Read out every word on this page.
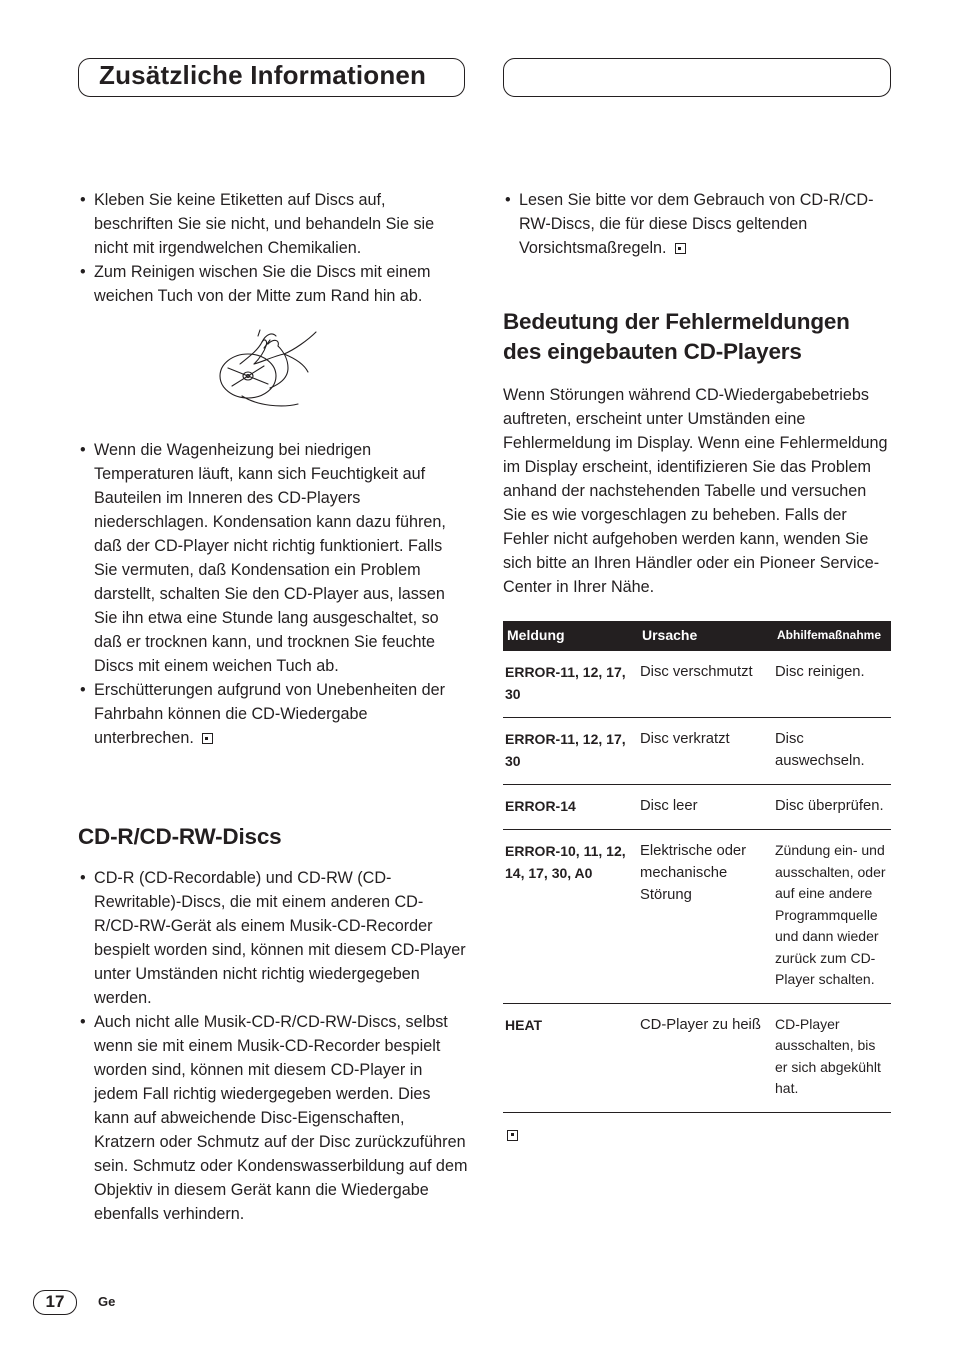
Zusätzliche Informationen
• Kleben Sie keine Etiketten auf Discs auf, beschriften Sie sie nicht, und behandeln Sie sie nicht mit irgendwelchen Chemikalien.
• Zum Reinigen wischen Sie die Discs mit einem weichen Tuch von der Mitte zum Rand hin ab.
• Wenn die Wagenheizung bei niedrigen Temperaturen läuft, kann sich Feuchtigkeit auf Bauteilen im Inneren des CD-Players niederschlagen. Kondensation kann dazu führen, daß der CD-Player nicht richtig funktioniert. Falls Sie vermuten, daß Kondensation ein Problem darstellt, schalten Sie den CD-Player aus, lassen Sie ihn etwa eine Stunde lang ausgeschaltet, so daß er trocknen kann, und trocknen Sie feuchte Discs mit einem weichen Tuch ab.
• Erschütterungen aufgrund von Unebenheiten der Fahrbahn können die CD-Wiedergabe unterbrechen.
CD-R/CD-RW-Discs
• CD-R (CD-Recordable) und CD-RW (CD-Rewritable)-Discs, die mit einem anderen CD-R/CD-RW-Gerät als einem Musik-CD-Recorder bespielt worden sind, können mit diesem CD-Player unter Umständen nicht richtig wiedergegeben werden.
• Auch nicht alle Musik-CD-R/CD-RW-Discs, selbst wenn sie mit einem Musik-CD-Recorder bespielt worden sind, können mit diesem CD-Player in jedem Fall richtig wiedergegeben werden. Dies kann auf abweichende Disc-Eigenschaften, Kratzern oder Schmutz auf der Disc zurückzuführen sein. Schmutz oder Kondenswasserbildung auf dem Objektiv in diesem Gerät kann die Wiedergabe ebenfalls verhindern.
• Lesen Sie bitte vor dem Gebrauch von CD-R/CD-RW-Discs, die für diese Discs geltenden Vorsichtsmaßregeln.
Bedeutung der Fehlermeldungen des eingebauten CD-Players

Wenn Störungen während CD-Wiedergabebetriebs auftreten, erscheint unter Umständen eine Fehlermeldung im Display. Wenn eine Fehlermeldung im Display erscheint, identifizieren Sie das Problem anhand der nachstehenden Tabelle und versuchen Sie es wie vorgeschlagen zu beheben. Falls der Fehler nicht aufgehoben werden kann, wenden Sie sich bitte an Ihren Händler oder ein Pioneer Service-Center in Ihrer Nähe.

Meldung	Ursache	Abhilfemaßnahme
ERROR-11, 12, 17, 30	Disc verschmutzt	Disc reinigen.
ERROR-11, 12, 17, 30	Disc verkratzt	Disc auswechseln.
ERROR-14	Disc leer	Disc überprüfen.
ERROR-10, 11, 12, 14, 17, 30, A0	Elektrische oder mechanische Störung	Zündung ein- und ausschalten, oder auf eine andere Programmquelle und dann wieder zurück zum CD-Player schalten.
HEAT	CD-Player zu heiß	CD-Player ausschalten, bis er sich abgekühlt hat.
17	Ge
